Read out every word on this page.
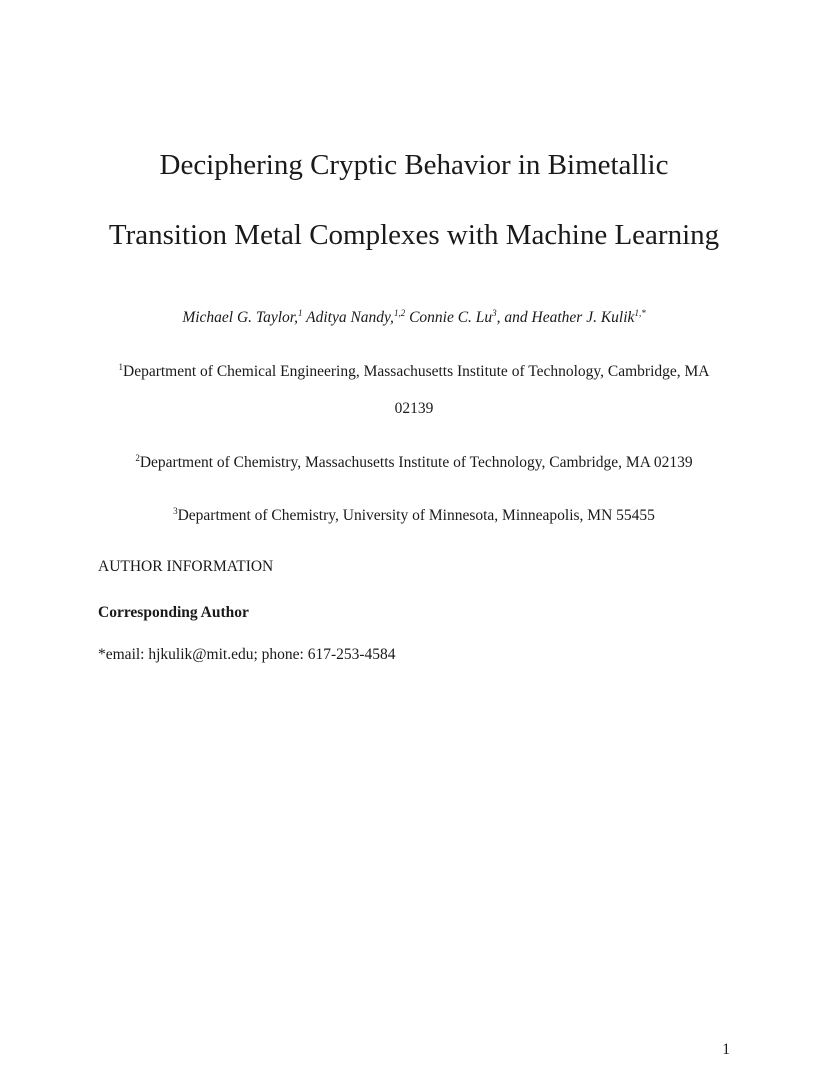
Deciphering Cryptic Behavior in Bimetallic
Transition Metal Complexes with Machine Learning
Michael G. Taylor,$^1$ Aditya Nandy,$^{1,2}$ Connie C. Lu$^3$, and Heather J. Kulik$^{1,*}$
$^1$Department of Chemical Engineering, Massachusetts Institute of Technology, Cambridge, MA
02139
$^2$Department of Chemistry, Massachusetts Institute of Technology, Cambridge, MA 02139
$^3$Department of Chemistry, University of Minnesota, Minneapolis, MN 55455
AUTHOR INFORMATION
Corresponding Author
*email: hjkulik@mit.edu; phone: 617-253-4584
1
